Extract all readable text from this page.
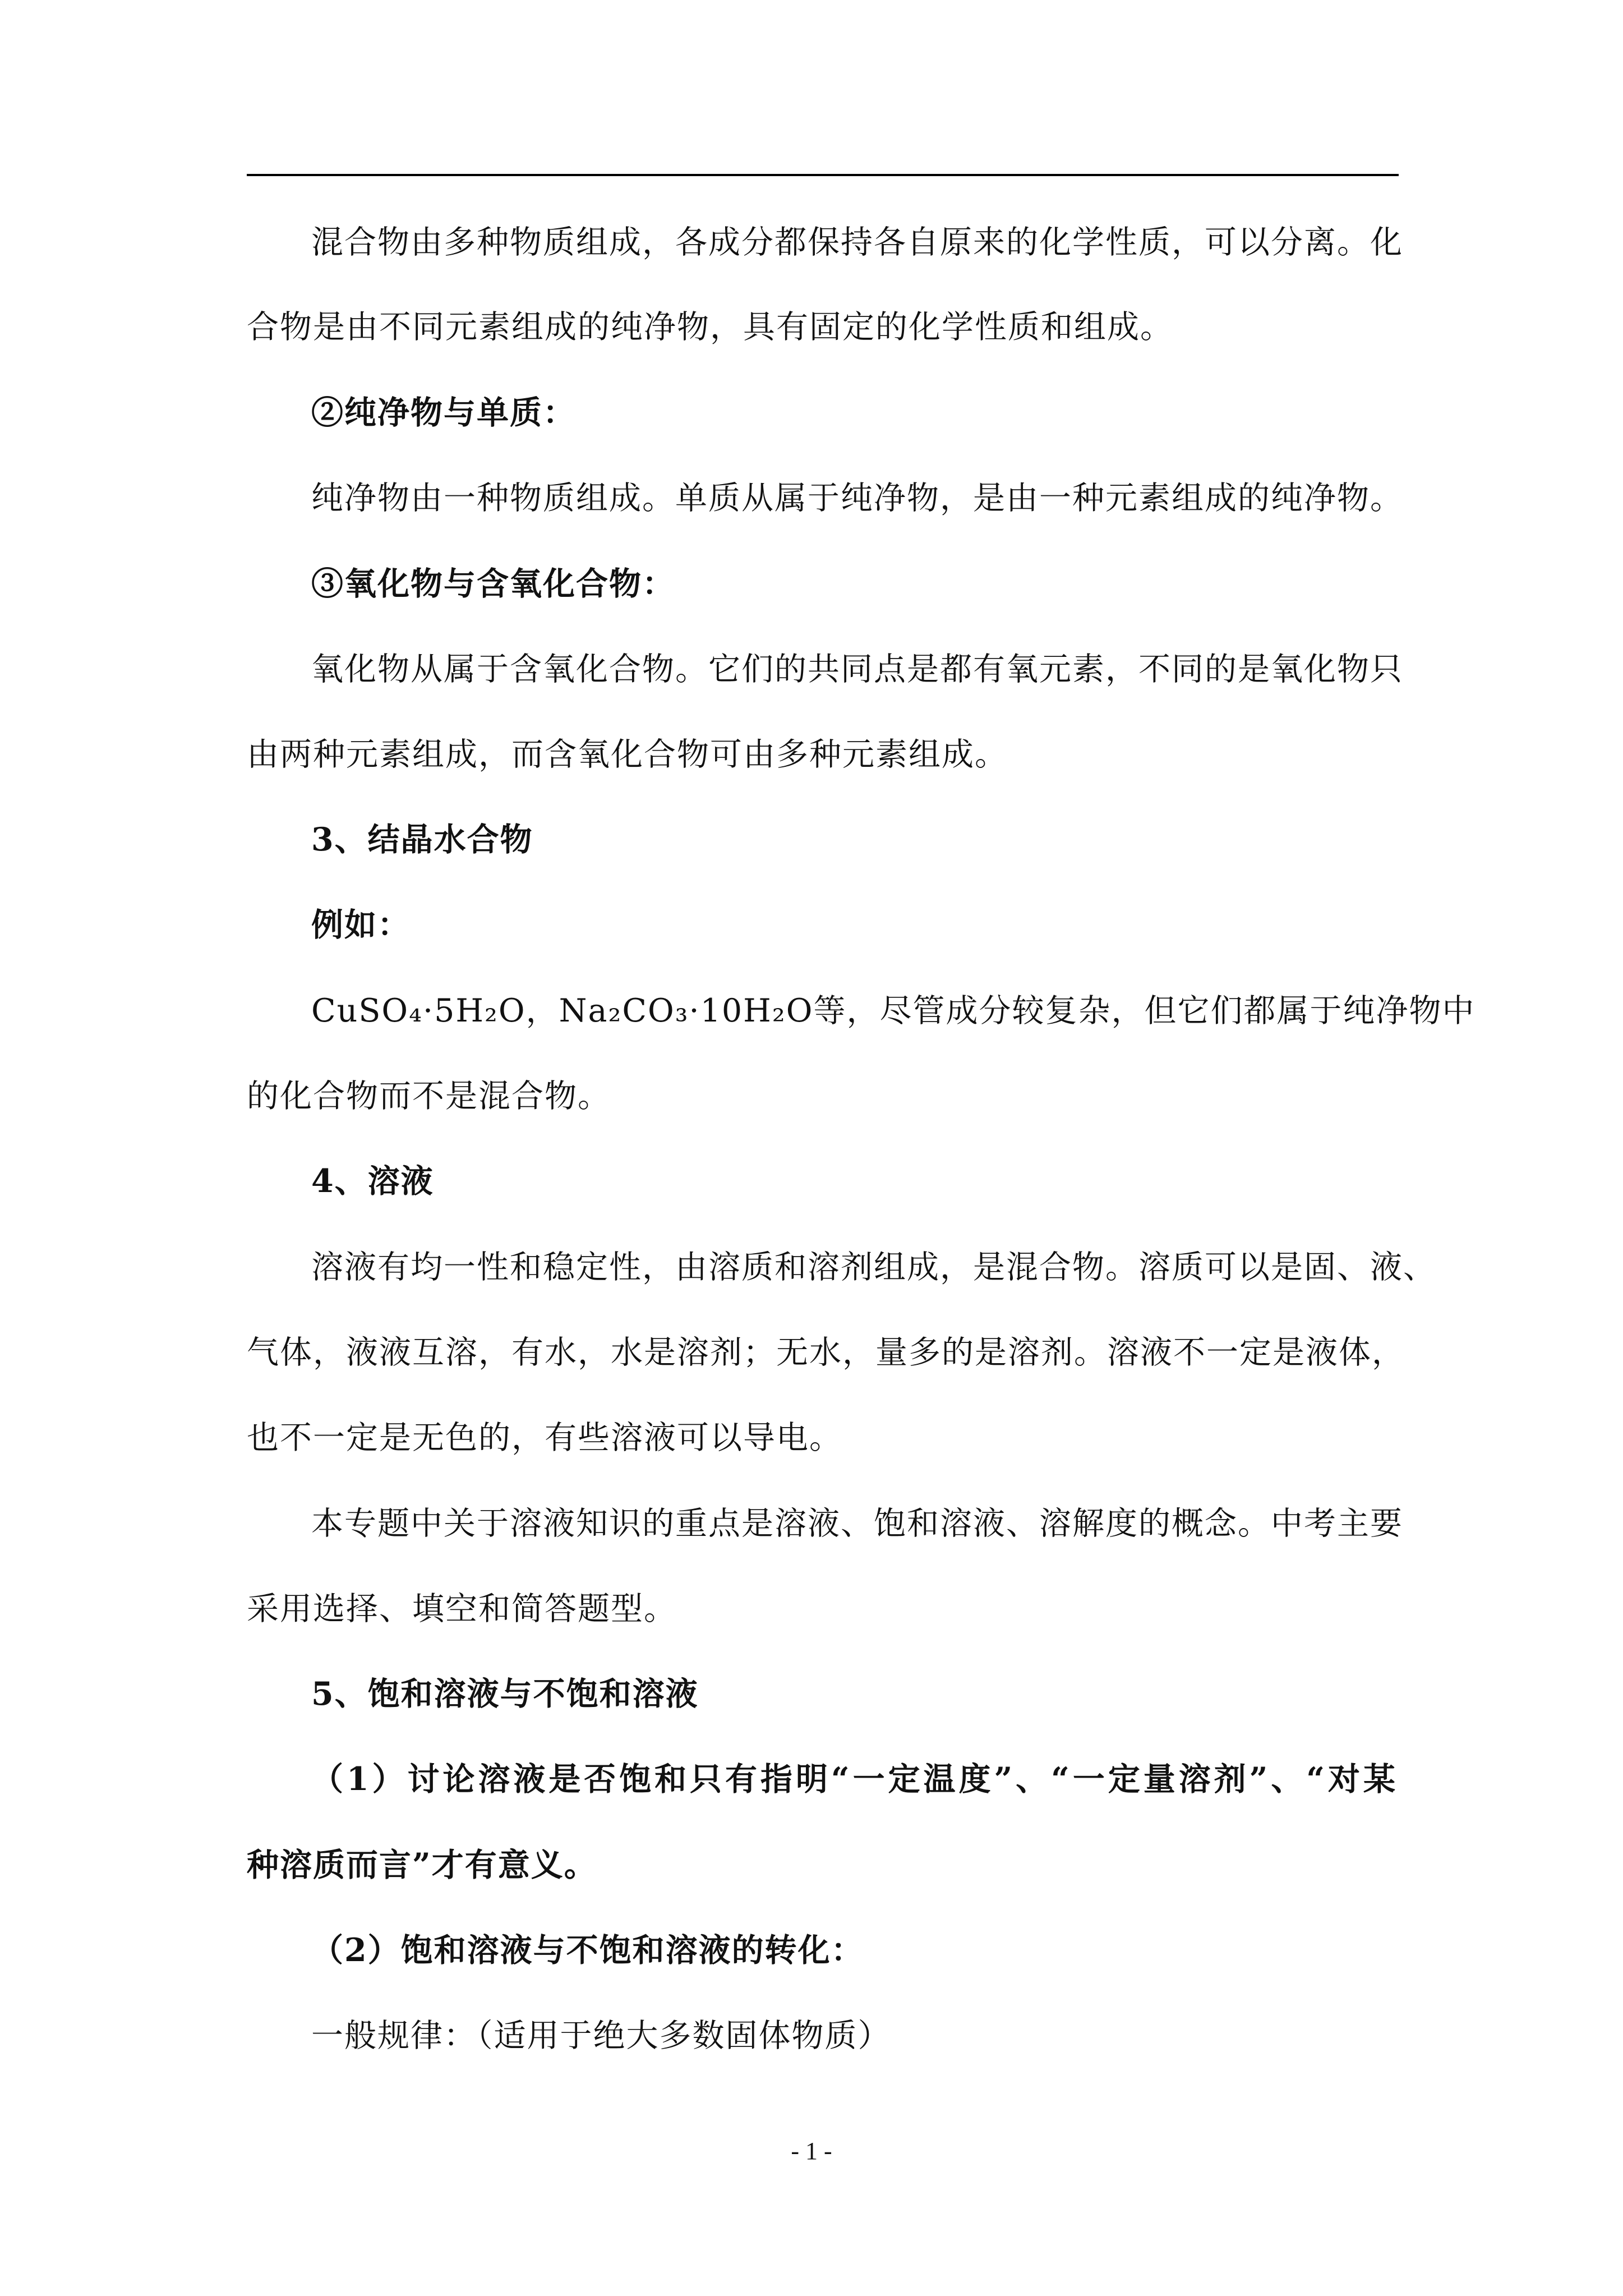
混合物由多种物质组成，各成分都保持各自原来的化学性质，可以分离。化
合物是由不同元素组成的纯净物，具有固定的化学性质和组成。
②纯净物与单质：
纯净物由一种物质组成。单质从属于纯净物，是由一种元素组成的纯净物。
③氧化物与含氧化合物：
氧化物从属于含氧化合物。它们的共同点是都有氧元素，不同的是氧化物只
由两种元素组成，而含氧化合物可由多种元素组成。
3、结晶水合物
例如：
CuSO₄·5H₂O，Na₂CO₃·10H₂O等，尽管成分较复杂，但它们都属于纯净物中
的化合物而不是混合物。
4、溶液
溶液有均一性和稳定性，由溶质和溶剂组成，是混合物。溶质可以是固、液、
气体，液液互溶，有水，水是溶剂；无水，量多的是溶剂。溶液不一定是液体，
也不一定是无色的，有些溶液可以导电。
本专题中关于溶液知识的重点是溶液、饱和溶液、溶解度的概念。中考主要
采用选择、填空和简答题型。
5、饱和溶液与不饱和溶液
（1）讨论溶液是否饱和只有指明“一定温度”、“一定量溶剂”、“对某
种溶质而言”才有意义。
（2）饱和溶液与不饱和溶液的转化：
一般规律：（适用于绝大多数固体物质）
- 1 -
